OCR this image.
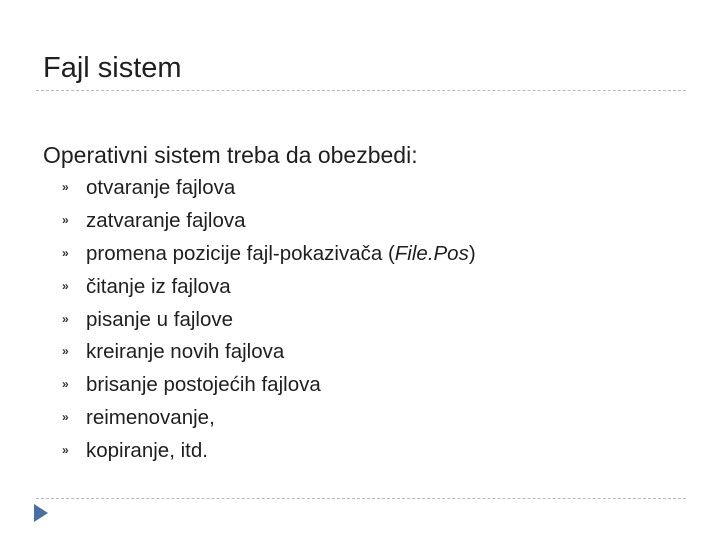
Fajl sistem
Operativni sistem treba da obezbedi:
» otvaranje fajlova
» zatvaranje fajlova
» promena pozicije fajl-pokazivača (File.Pos)
» čitanje iz fajlova
» pisanje u fajlove
» kreiranje novih fajlova
» brisanje postojećih fajlova
» reimenovanje,
» kopiranje, itd.
